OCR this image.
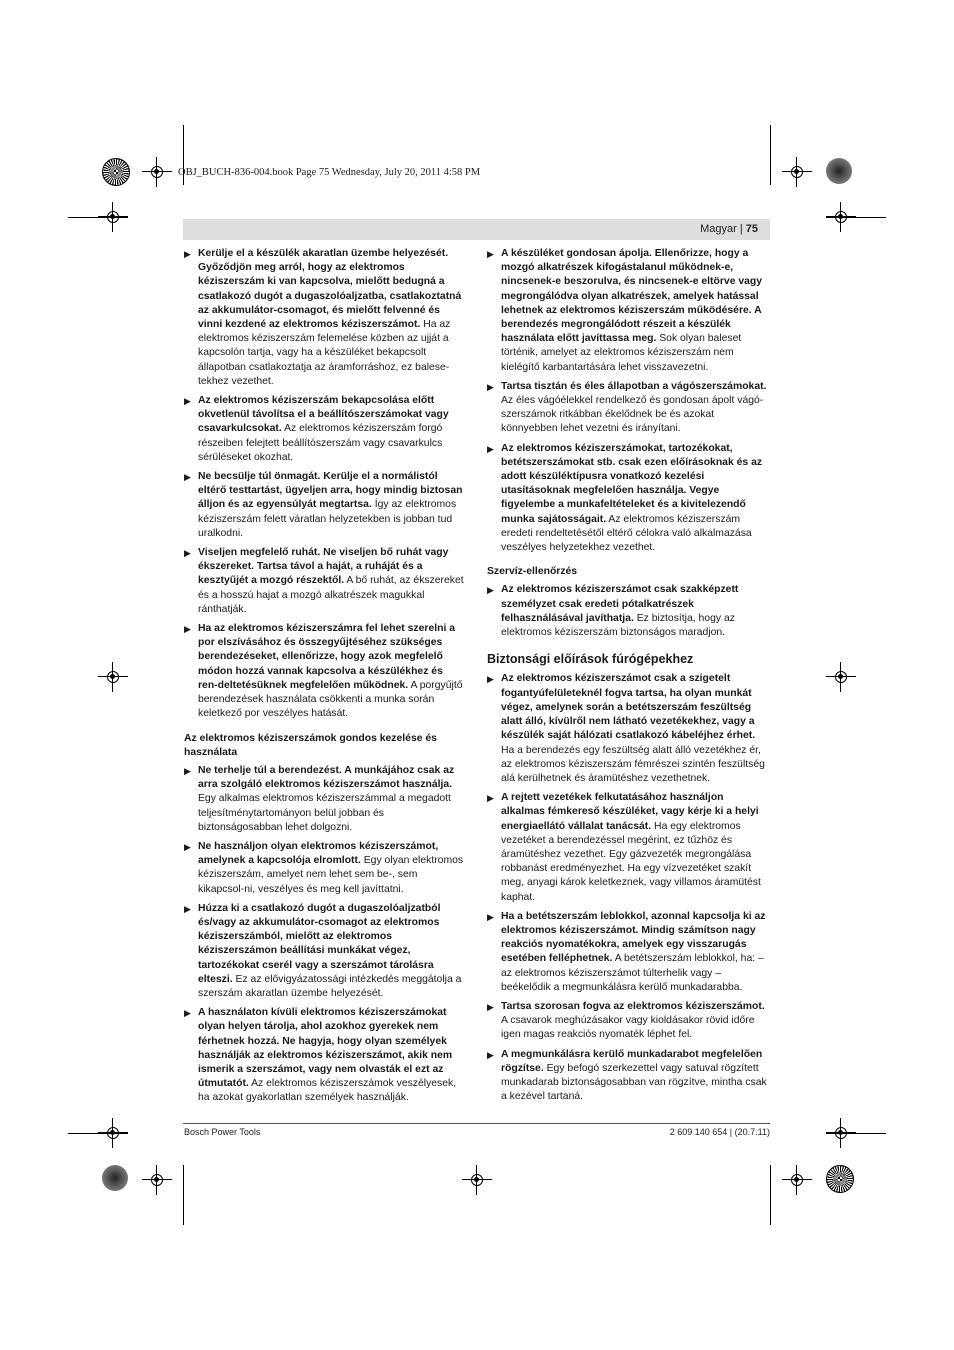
OBJ_BUCH-836-004.book Page 75 Wednesday, July 20, 2011 4:58 PM
Magyar | 75
▶ Kerülje el a készülék akaratlan üzembe helyezését. Győződjön meg arról, hogy az elektromos kéziszerszám ki van kapcsolva, mielőtt bedugná a csatlakozó dugót a dugaszolóaljzatba, csatlakoztatná az akkumulátor-csomagot, és mielőtt felvenné és vinni kezdené az elektromos kéziszerszámot. Ha az elektromos kéziszerszám felemelése közben az ujját a kapcsolón tartja, vagy ha a készüléket bekapcsolt állapotban csatlakoztatja az áramforráshoz, ez balese-tekhez vezethet.
▶ Az elektromos kéziszerszám bekapcsolása előtt okvetlenül távolítsa el a beállítószerszámokat vagy csavarkulcsokat. Az elektromos kéziszerszám forgó részeiben felejtett beállítószerszám vagy csavarkulcs sérüléseket okozhat.
▶ Ne becsülje túl önmagát. Kerülje el a normálistól eltérő testtartást, ügyeljen arra, hogy mindig biztosan álljon és az egyensúlyát megtartsa. Így az elektromos kéziszerszám felett váratlan helyzetekben is jobban tud uralkodni.
▶ Viseljen megfelelő ruhát. Ne viseljen bő ruhát vagy ékszereket. Tartsa távol a haját, a ruháját és a kesztyűjét a mozgó részektől. A bő ruhát, az ékszereket és a hosszú hajat a mozgó alkatrészek magukkal ránthatják.
▶ Ha az elektromos kéziszerszámra fel lehet szerelni a por elszívásához és összegyűjtéséhez szükséges berendezéseket, ellenőrizze, hogy azok megfelelő módon hozzá vannak kapcsolva a készülékhez és ren-deltetésüknek megfelelően működnek. A porgyűjtő berendezések használata csökkenti a munka során keletkező por veszélyes hatását.
Az elektromos kéziszerszámok gondos kezelése és használata
▶ Ne terhelje túl a berendezést. A munkájához csak az arra szolgáló elektromos kéziszerszámot használja. Egy alkalmas elektromos kéziszerszámmal a megadott teljesítménytartományon belül jobban és biztonságosabban lehet dolgozni.
▶ Ne használjon olyan elektromos kéziszerszámot, amelynek a kapcsolója elromlott. Egy olyan elektromos kéziszerszám, amelyet nem lehet sem be-, sem kikapcsol-ni, veszélyes és meg kell javíttatni.
▶ Húzza ki a csatlakozó dugót a dugaszolóaljzatból és/vagy az akkumulátor-csomagot az elektromos kéziszerszámból, mielőtt az elektromos kéziszerszámon beállítási munkákat végez, tartozékokat cserél vagy a szerszámot tárolásra elteszi. Ez az elővigyázatossági intézkedés meggátolja a szerszám akaratlan üzembe helyezését.
▶ A használaton kívüli elektromos kéziszerszámokat olyan helyen tárolja, ahol azokhoz gyerekek nem férhetnek hozzá. Ne hagyja, hogy olyan személyek használják az elektromos kéziszerszámot, akik nem ismerik a szerszámot, vagy nem olvasták el ezt az útmutatót. Az elektromos kéziszerszámok veszélyesek, ha azokat gyakorlatlan személyek használják.
▶ A készüléket gondosan ápolja. Ellenőrizze, hogy a mozgó alkatrészek kifogástalanul működnek-e, nincsenek-e beszorulva, és nincsenek-e eltörve vagy megrongálódva olyan alkatrészek, amelyek hatással lehetnek az elektromos kéziszerszám működésére. A berendezés megrongálódott részeit a készülék használata előtt javíttassa meg. Sok olyan baleset történik, amelyet az elektromos kéziszerszám nem kielégítő karbantartására lehet visszavezetni.
▶ Tartsa tisztán és éles állapotban a vágószerszámokat. Az éles vágóélekkel rendelkező és gondosan ápolt vágó-szerszámok ritkábban ékelődnek be és azokat könnyebben lehet vezetni és irányítani.
▶ Az elektromos kéziszerszámokat, tartozékokat, betétszerszámokat stb. csak ezen előírásoknak és az adott készüléktípusra vonatkozó kezelési utasításoknak megfelelően használja. Vegye figyelembe a munkafeltételeket és a kivitelezendő munka sajátosságait. Az elektromos kéziszerszám eredeti rendeltetésétől eltérő célokra való alkalmazása veszélyes helyzetekhez vezethet.
Szervíz-ellenőrzés
▶ Az elektromos kéziszerszámot csak szakképzett személyzet csak eredeti pótalkatrészek felhasználásával javíthatja. Ez biztosítja, hogy az elektromos kéziszerszám biztonságos maradjon.
Biztonsági előírások fúrógépekhez
▶ Az elektromos kéziszerszámot csak a szigetelt fogantyúfelületeknél fogva tartsa, ha olyan munkát végez, amelynek során a betétszerszám feszültség alatt álló, kívülről nem látható vezetékekhez, vagy a készülék saját hálózati csatlakozó kábeléjhez érhet. Ha a berendezés egy feszültség alatt álló vezetékhez ér, az elektromos kéziszerszám fémrészei szintén feszültség alá kerülhetnek és áramütéshez vezethetnek.
▶ A rejtett vezetékek felkutatásához használjon alkalmas fémkereső készüléket, vagy kérje ki a helyi energiaellátó vállalat tanácsát. Ha egy elektromos vezetéket a berendezéssel megérint, ez tűzhöz és áramütéshez vezethet. Egy gázvezeték megrongálása robbanást eredményezhet. Ha egy vízvezetéket szakít meg, anyagi károk keletkeznek, vagy villamos áramütést kaphat.
▶ Ha a betétszerszám leblokkol, azonnal kapcsolja ki az elektromos kéziszerszámot. Mindig számítson nagy reakciós nyomatékokra, amelyek egy visszarugás esetében felléphetnek. A betétszerszám leblokkol, ha: – az elektromos kéziszerszámot túlterhelik vagy – beékelődik a megmunkálásra kerülő munkadarabba.
▶ Tartsa szorosan fogva az elektromos kéziszerszámot. A csavarok meghúzásakor vagy kioldásakor rövid időre igen magas reakciós nyomaték léphet fel.
▶ A megmunkálásra kerülő munkadarabot megfelelően rögzítse. Egy befogó szerkezettel vagy satuval rögzített munkadarab biztonságosabban van rögzítve, mintha csak a kezével tartaná.
Bosch Power Tools	2 609 140 654 | (20.7.11)
